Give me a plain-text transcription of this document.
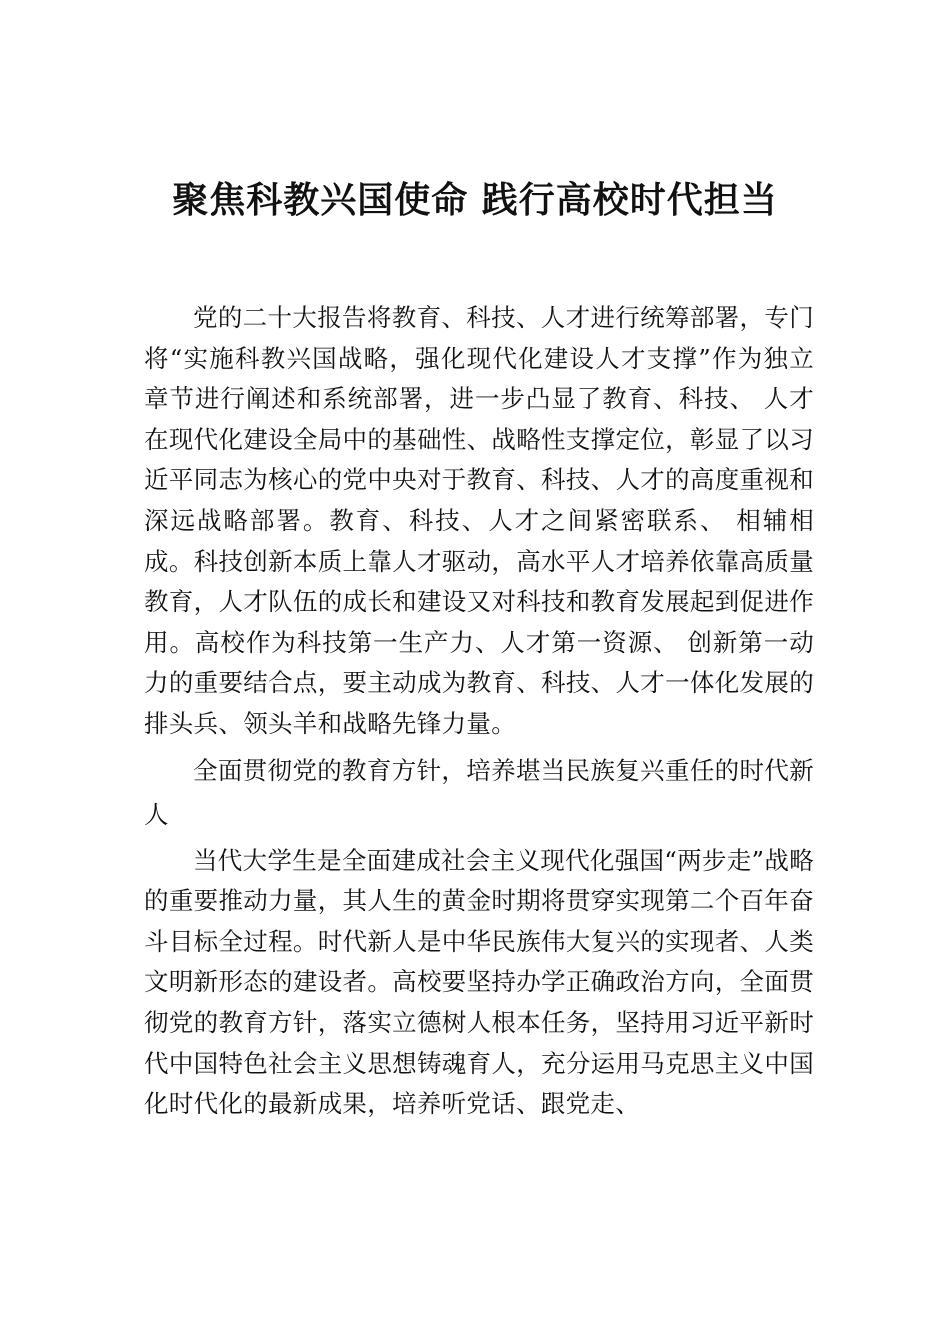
聚焦科教兴国使命 践行高校时代担当

党的二十大报告将教育、科技、人才进行统筹部署，专门将“实施科教兴国战略，强化现代化建设人才支撑”作为独立章节进行阐述和系统部署，进一步凸显了教育、科技、 人才在现代化建设全局中的基础性、战略性支撑定位，彰显了以习近平同志为核心的党中央对于教育、科技、人才的高度重视和深远战略部署。教育、科技、人才之间紧密联系、 相辅相成。科技创新本质上靠人才驱动，高水平人才培养依靠高质量教育，人才队伍的成长和建设又对科技和教育发展起到促进作用。高校作为科技第一生产力、人才第一资源、 创新第一动力的重要结合点，要主动成为教育、科技、人才一体化发展的排头兵、领头羊和战略先锋力量。

全面贯彻党的教育方针，培养堪当民族复兴重任的时代新人

当代大学生是全面建成社会主义现代化强国“两步走”战略的重要推动力量，其人生的黄金时期将贯穿实现第二个百年奋斗目标全过程。时代新人是中华民族伟大复兴的实现者、人类文明新形态的建设者。高校要坚持办学正确政治方向，全面贯彻党的教育方针，落实立德树人根本任务，坚持用习近平新时代中国特色社会主义思想铸魂育人，充分运用马克思主义中国化时代化的最新成果，培养听党话、跟党走、
